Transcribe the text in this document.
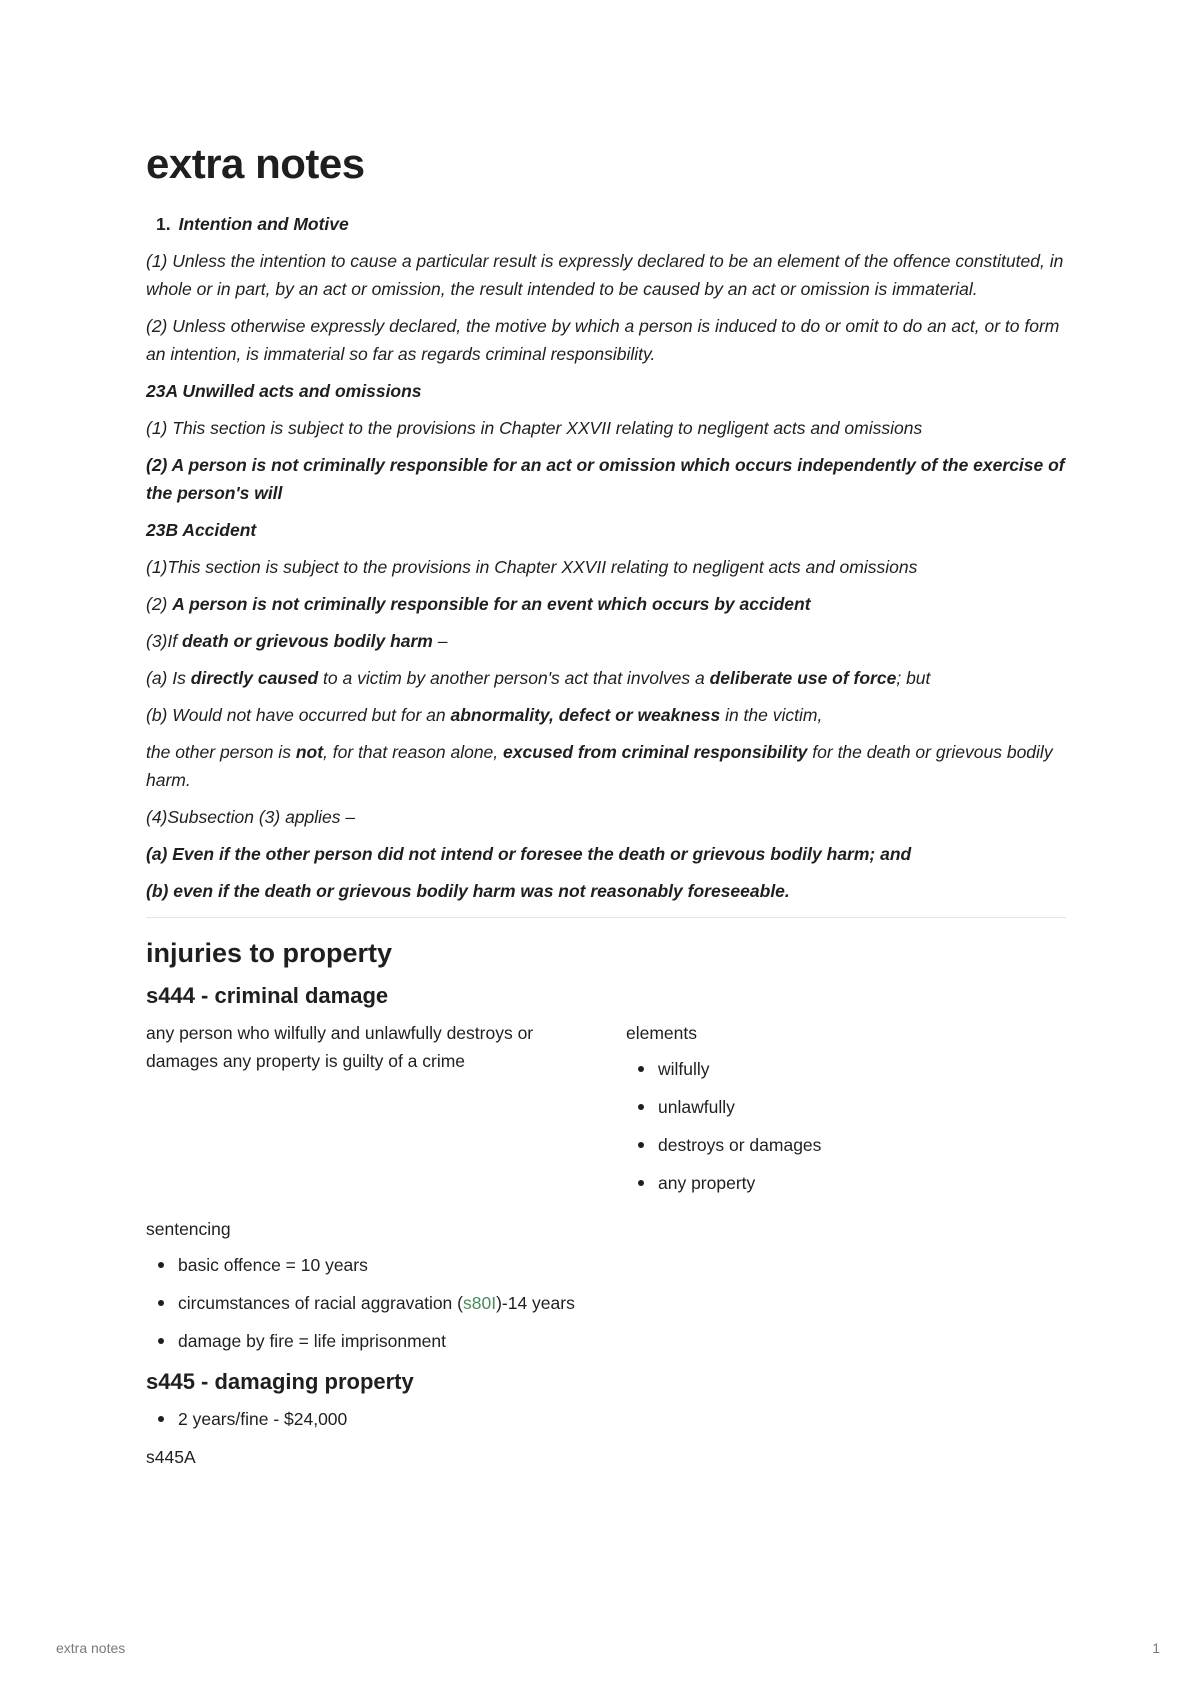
extra notes

1. Intention and Motive

(1) Unless the intention to cause a particular result is expressly declared to be an element of the offence constituted, in whole or in part, by an act or omission, the result intended to be caused by an act or omission is immaterial.

(2) Unless otherwise expressly declared, the motive by which a person is induced to do or omit to do an act, or to form an intention, is immaterial so far as regards criminal responsibility.

23A Unwilled acts and omissions

(1) This section is subject to the provisions in Chapter XXVII relating to negligent acts and omissions

(2) A person is not criminally responsible for an act or omission which occurs independently of the exercise of the person's will

23B Accident

(1)This section is subject to the provisions in Chapter XXVII relating to negligent acts and omissions

(2) A person is not criminally responsible for an event which occurs by accident

(3)If death or grievous bodily harm –

(a) Is directly caused to a victim by another person's act that involves a deliberate use of force; but

(b) Would not have occurred but for an abnormality, defect or weakness in the victim,

the other person is not, for that reason alone, excused from criminal responsibility for the death or grievous bodily harm.

(4)Subsection (3) applies –

(a) Even if the other person did not intend or foresee the death or grievous bodily harm; and

(b) even if the death or grievous bodily harm was not reasonably foreseeable.

injuries to property
s444 - criminal damage

any person who wilfully and unlawfully destroys or damages any property is guilty of a crime

elements

wilfully
unlawfully
destroys or damages
any property

sentencing

basic offence = 10 years
circumstances of racial aggravation (s80I)-14 years
damage by fire = life imprisonment
s445 - damaging property
2 years/fine - $24,000

s445A

extra notes	1
